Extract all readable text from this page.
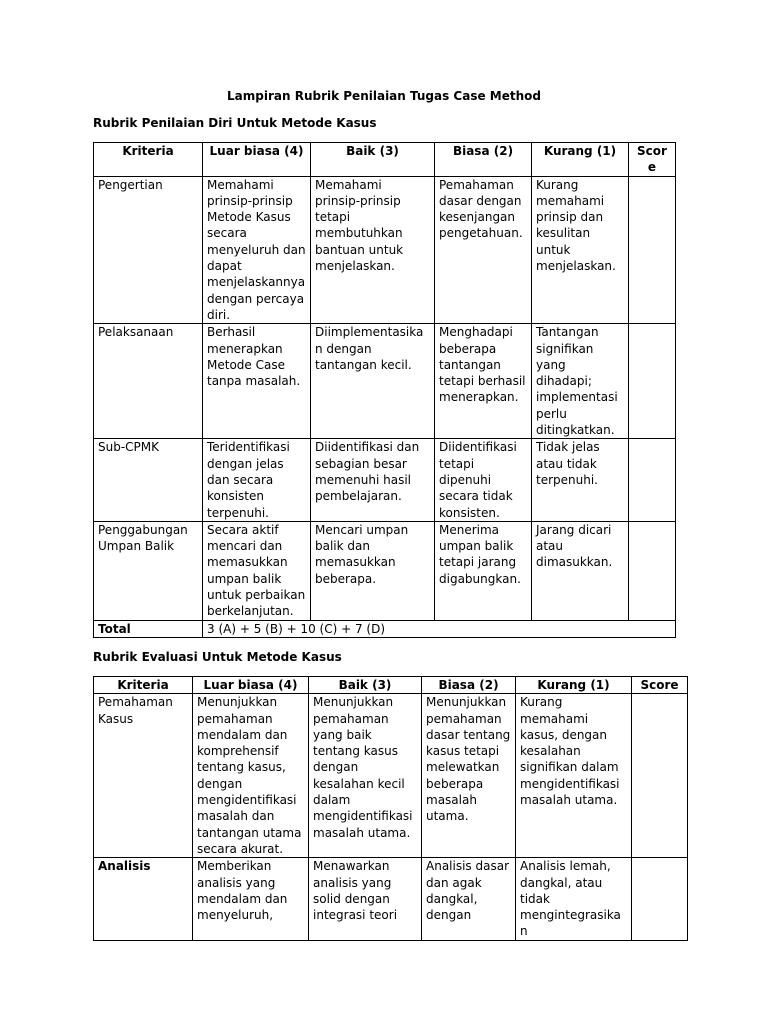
Lampiran Rubrik Penilaian Tugas Case Method
Rubrik Penilaian Diri Untuk Metode Kasus
Kriteria	Luar biasa (4)	Baik (3)	Biasa (2)	Kurang (1)	Score
Pengertian	Memahami prinsip-prinsip Metode Kasus secara menyeluruh dan dapat menjelaskannya dengan percaya diri.	Memahami prinsip-prinsip tetapi membutuhkan bantuan untuk menjelaskan.	Pemahaman dasar dengan kesenjangan pengetahuan.	Kurang memahami prinsip dan kesulitan untuk menjelaskan.	
Pelaksanaan	Berhasil menerapkan Metode Case tanpa masalah.	Diimplementasikan dengan tantangan kecil.	Menghadapi beberapa tantangan tetapi berhasil menerapkan.	Tantangan signifikan yang dihadapi; implementasi perlu ditingkatkan.	
Sub-CPMK	Teridentifikasi dengan jelas dan secara konsisten terpenuhi.	Diidentifikasi dan sebagian besar memenuhi hasil pembelajaran.	Diidentifikasi tetapi dipenuhi secara tidak konsisten.	Tidak jelas atau tidak terpenuhi.	
Penggabungan Umpan Balik	Secara aktif mencari dan memasukkan umpan balik untuk perbaikan berkelanjutan.	Mencari umpan balik dan memasukkan beberapa.	Menerima umpan balik tetapi jarang digabungkan.	Jarang dicari atau dimasukkan.	
Total	3 (A) + 5 (B) + 10 (C) + 7 (D)				
Rubrik Evaluasi Untuk Metode Kasus
Kriteria	Luar biasa (4)	Baik (3)	Biasa (2)	Kurang (1)	Score
Pemahaman Kasus	Menunjukkan pemahaman mendalam dan komprehensif tentang kasus, dengan mengidentifikasi masalah dan tantangan utama secara akurat.	Menunjukkan pemahaman yang baik tentang kasus dengan kesalahan kecil dalam mengidentifikasi masalah utama.	Menunjukkan pemahaman dasar tentang kasus tetapi melewatkan beberapa masalah utama.	Kurang memahami kasus, dengan kesalahan signifikan dalam mengidentifikasi masalah utama.	
Analisis	Memberikan analisis yang mendalam dan menyeluruh,	Menawarkan analisis yang solid dengan integrasi teori	Analisis dasar dan agak dangkal, dengan	Analisis lemah, dangkal, atau tidak mengintegrasikan	
